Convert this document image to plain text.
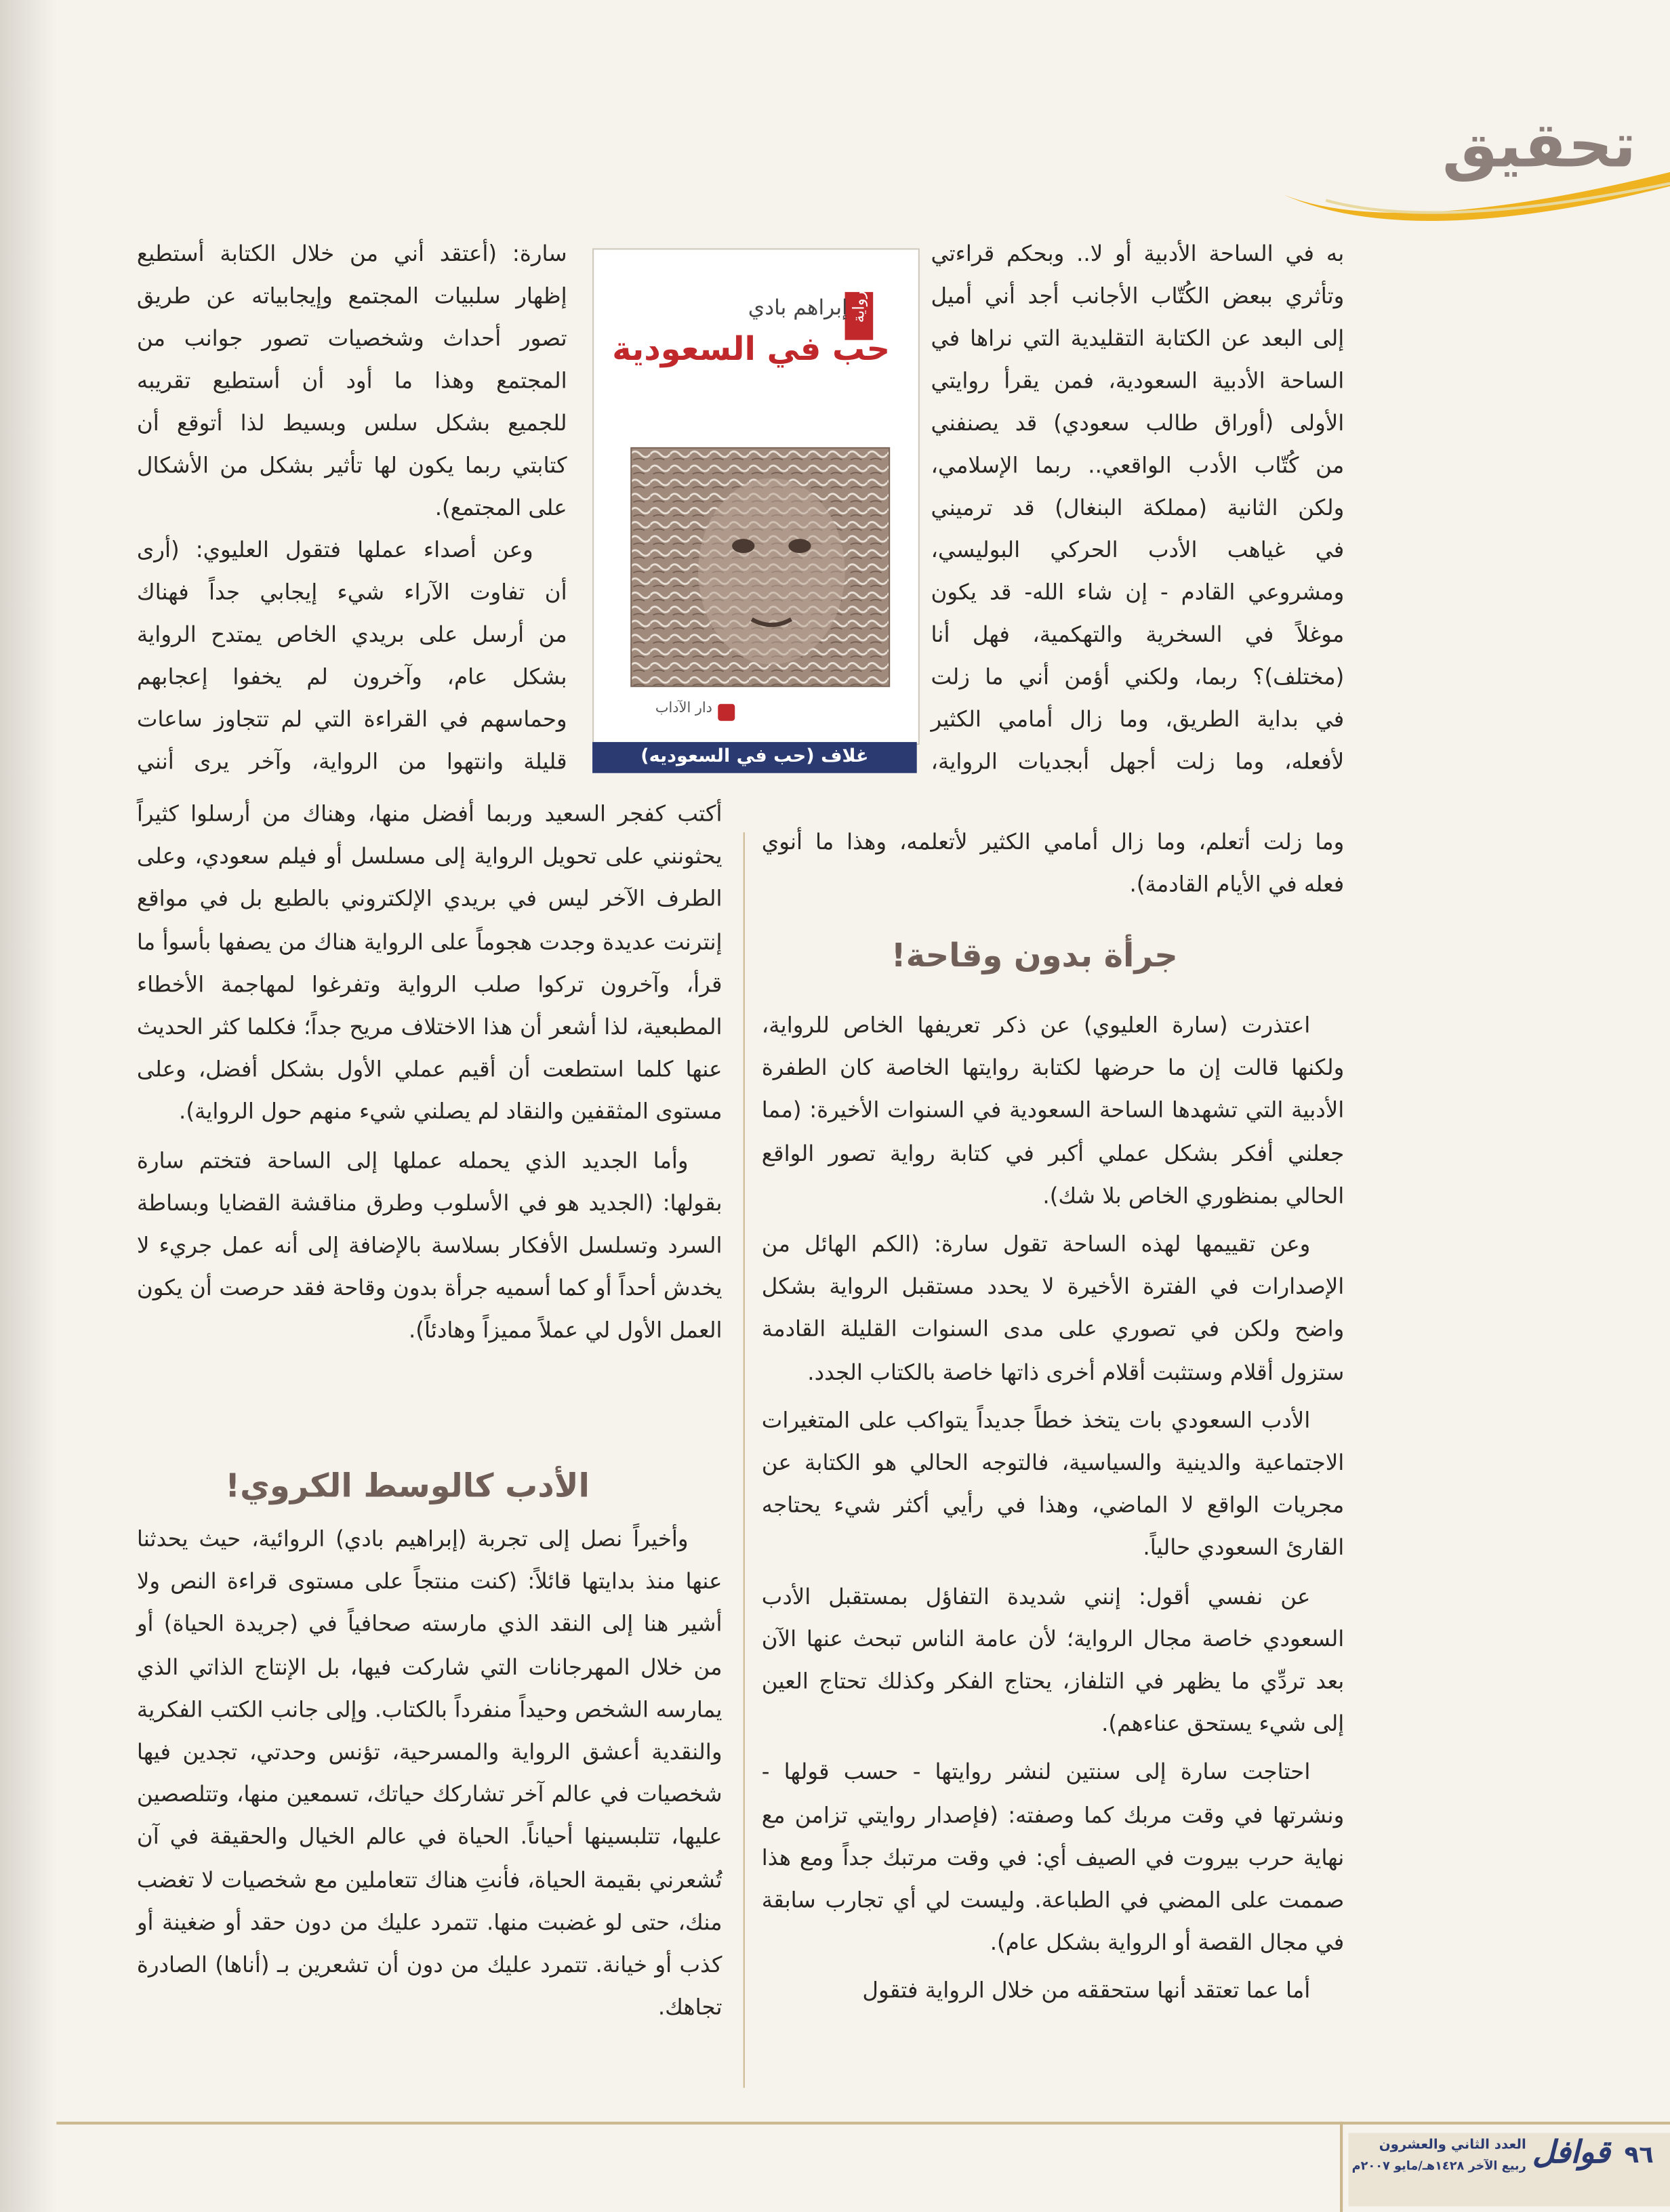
تحقيق
به في الساحة الأدبية أو لا.. وبحكم قراءتي
وتأثري ببعض الكُتّاب الأجانب أجد أني أميل
إلى البعد عن الكتابة التقليدية التي نراها في
الساحة الأدبية السعودية، فمن يقرأ روايتي
الأولى (أوراق طالب سعودي) قد يصنفني
من كُتّاب الأدب الواقعي.. ربما الإسلامي،
ولكن الثانية (مملكة البنغال) قد ترميني
في غياهب الأدب الحركي البوليسي،
ومشروعي القادم - إن شاء الله- قد يكون
موغلاً في السخرية والتهكمية، فهل أنا
(مختلف)؟ ربما، ولكني أؤمن أني ما زلت
في بداية الطريق، وما زال أمامي الكثير
لأفعله، وما زلت أجهل أبجديات الرواية،
وما زلت أتعلم، وما زال أمامي الكثير لأتعلمه، وهذا ما أنوي
فعله في الأيام القادمة).
جرأة بدون وقاحة!

اعتذرت (سارة العليوي) عن ذكر تعريفها الخاص للرواية، ولكنها قالت إن ما حرضها لكتابة روايتها الخاصة كان الطفرة الأدبية التي تشهدها الساحة السعودية في السنوات الأخيرة: (مما جعلني أفكر بشكل عملي أكبر في كتابة رواية تصور الواقع الحالي بمنظوري الخاص بلا شك).

وعن تقييمها لهذه الساحة تقول سارة: (الكم الهائل من الإصدارات في الفترة الأخيرة لا يحدد مستقبل الرواية بشكل واضح ولكن في تصوري على مدى السنوات القليلة القادمة ستزول أقلام وستثبت أقلام أخرى ذاتها خاصة بالكتاب الجدد.

الأدب السعودي بات يتخذ خطاً جديداً يتواكب على المتغيرات الاجتماعية والدينية والسياسية، فالتوجه الحالي هو الكتابة عن مجريات الواقع لا الماضي، وهذا في رأيي أكثر شيء يحتاجه القارئ السعودي حالياً.

عن نفسي أقول: إنني شديدة التفاؤل بمستقبل الأدب السعودي خاصة مجال الرواية؛ لأن عامة الناس تبحث عنها الآن بعد تردِّي ما يظهر في التلفاز، يحتاج الفكر وكذلك تحتاج العين إلى شيء يستحق عناءهم).

احتاجت سارة إلى سنتين لنشر روايتها - حسب قولها - ونشرتها في وقت مربك كما وصفته: (فإصدار روايتي تزامن مع نهاية حرب بيروت في الصيف أي: في وقت مرتبك جداً ومع هذا صممت على المضي في الطباعة. وليست لي أي تجارب سابقة في مجال القصة أو الرواية بشكل عام).

أما عما تعتقد أنها ستحققه من خلال الرواية فتقول

رواية
إبراهم بادي
حب في السعودية
دار الآداب
غلاف (حب في السعوديه)
سارة: (أعتقد أني من خلال الكتابة أستطيع
إظهار سلبيات المجتمع وإيجابياته عن طريق
تصور أحداث وشخصيات تصور جوانب من
المجتمع وهذا ما أود أن أستطيع تقريبه
للجميع بشكل سلس وبسيط لذا أتوقع أن
كتابتي ربما يكون لها تأثير بشكل من الأشكال
على المجتمع).
وعن أصداء عملها فتقول العليوي: (أرى
أن تفاوت الآراء شيء إيجابي جداً فهناك
من أرسل على بريدي الخاص يمتدح الرواية
بشكل عام، وآخرون لم يخفوا إعجابهم
وحماسهم في القراءة التي لم تتجاوز ساعات
قليلة وانتهوا من الرواية، وآخر يرى أنني

أكتب كفجر السعيد وربما أفضل منها، وهناك من أرسلوا كثيراً يحثونني على تحويل الرواية إلى مسلسل أو فيلم سعودي، وعلى الطرف الآخر ليس في بريدي الإلكتروني بالطبع بل في مواقع إنترنت عديدة وجدت هجوماً على الرواية هناك من يصفها بأسوأ ما قرأ، وآخرون تركوا صلب الرواية وتفرغوا لمهاجمة الأخطاء المطبعية، لذا أشعر أن هذا الاختلاف مريح جداً؛ فكلما كثر الحديث عنها كلما استطعت أن أقيم عملي الأول بشكل أفضل، وعلى مستوى المثقفين والنقاد لم يصلني شيء منهم حول الرواية).

وأما الجديد الذي يحمله عملها إلى الساحة فتختم سارة بقولها: (الجديد هو في الأسلوب وطرق مناقشة القضايا وبساطة السرد وتسلسل الأفكار بسلاسة بالإضافة إلى أنه عمل جريء لا يخدش أحداً أو كما أسميه جرأة بدون وقاحة فقد حرصت أن يكون العمل الأول لي عملاً مميزاً وهادئاً).

الأدب كالوسط الكروي!

وأخيراً نصل إلى تجربة (إبراهيم بادي) الروائية، حيث يحدثنا عنها منذ بدايتها قائلاً: (كنت منتجاً على مستوى قراءة النص ولا أشير هنا إلى النقد الذي مارسته صحافياً في (جريدة الحياة) أو من خلال المهرجانات التي شاركت فيها، بل الإنتاج الذاتي الذي يمارسه الشخص وحيداً منفرداً بالكتاب. وإلى جانب الكتب الفكرية والنقدية أعشق الرواية والمسرحية، تؤنس وحدتي، تجدين فيها شخصيات في عالم آخر تشاركك حياتك، تسمعين منها، وتتلصصين عليها، تتلبسينها أحياناً. الحياة في عالم الخيال والحقيقة في آن تُشعرني بقيمة الحياة، فأنتِ هناك تتعاملين مع شخصيات لا تغضب منك، حتى لو غضبت منها. تتمرد عليك من دون حقد أو ضغينة أو كذب أو خيانة. تتمرد عليك من دون أن تشعرين بـ (أناها) الصادرة تجاهك.

العدد الثاني والعشرون
ربيع الآخر ١٤٢٨هـ/مايو ٢٠٠٧م قوافل	٩٦
